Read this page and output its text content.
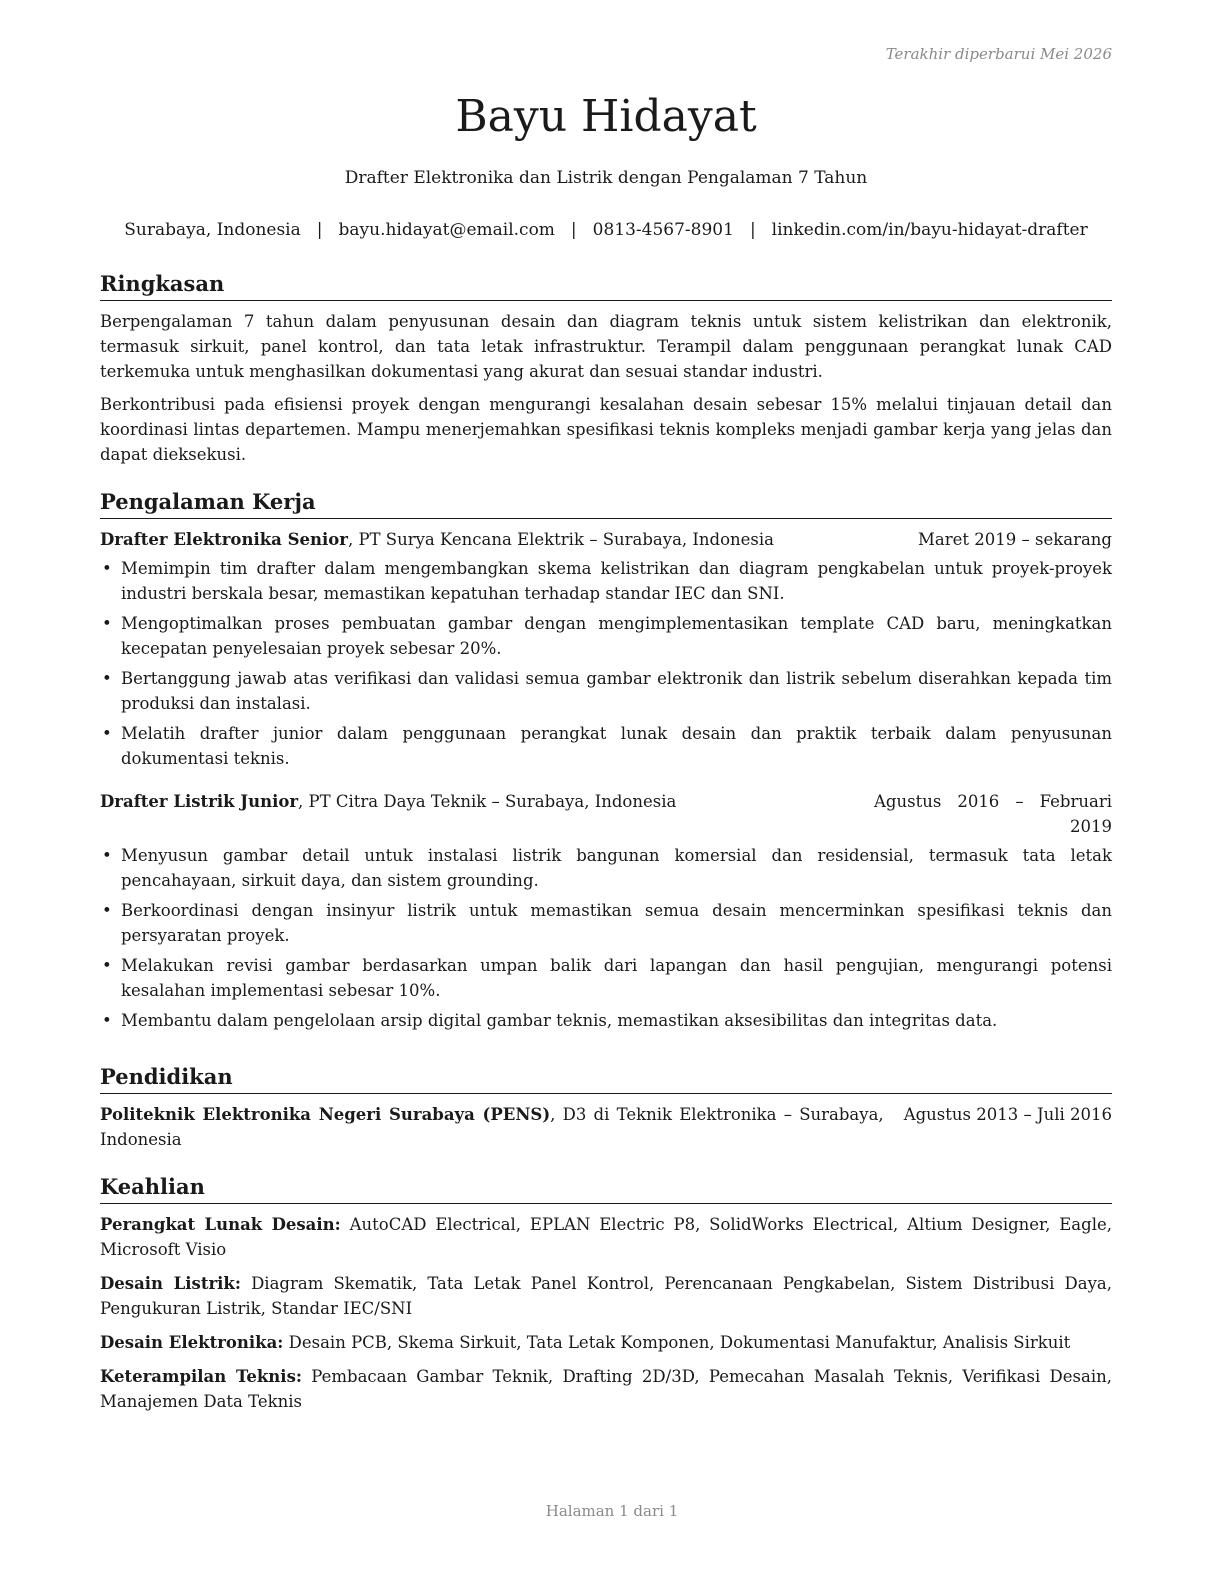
Terakhir diperbarui Mei 2026
Bayu Hidayat
Drafter Elektronika dan Listrik dengan Pengalaman 7 Tahun
Surabaya, Indonesia | bayu.hidayat@email.com | 0813-4567-8901 | linkedin.com/in/bayu-hidayat-drafter
Ringkasan

Berpengalaman 7 tahun dalam penyusunan desain dan diagram teknis untuk sistem kelistrikan dan elektronik, termasuk sirkuit, panel kontrol, dan tata letak infrastruktur. Terampil dalam penggunaan perangkat lunak CAD terkemuka untuk menghasilkan dokumentasi yang akurat dan sesuai standar industri.

Berkontribusi pada efisiensi proyek dengan mengurangi kesalahan desain sebesar 15% melalui tinjauan detail dan koordinasi lintas departemen. Mampu menerjemahkan spesifikasi teknis kompleks menjadi gambar kerja yang jelas dan dapat dieksekusi.

Pengalaman Kerja
Drafter Elektronika Senior, PT Surya Kencana Elektrik – Surabaya, Indonesia	Maret 2019 – sekarang
• Memimpin tim drafter dalam mengembangkan skema kelistrikan dan diagram pengkabelan untuk proyek-proyek industri berskala besar, memastikan kepatuhan terhadap standar IEC dan SNI.
• Mengoptimalkan proses pembuatan gambar dengan mengimplementasikan template CAD baru, meningkatkan kecepatan penyelesaian proyek sebesar 20%.
• Bertanggung jawab atas verifikasi dan validasi semua gambar elektronik dan listrik sebelum diserahkan kepada tim produksi dan instalasi.
• Melatih drafter junior dalam penggunaan perangkat lunak desain dan praktik terbaik dalam penyusunan dokumentasi teknis.
Drafter Listrik Junior, PT Citra Daya Teknik – Surabaya, Indonesia	Agustus 2016 – Februari 2019
• Menyusun gambar detail untuk instalasi listrik bangunan komersial dan residensial, termasuk tata letak pencahayaan, sirkuit daya, dan sistem grounding.
• Berkoordinasi dengan insinyur listrik untuk memastikan semua desain mencerminkan spesifikasi teknis dan persyaratan proyek.
• Melakukan revisi gambar berdasarkan umpan balik dari lapangan dan hasil pengujian, mengurangi potensi kesalahan implementasi sebesar 10%.
• Membantu dalam pengelolaan arsip digital gambar teknis, memastikan aksesibilitas dan integritas data.
Pendidikan
Politeknik Elektronika Negeri Surabaya (PENS), D3 di Teknik Elektronika – Surabaya, Indonesia
Agustus 2013 – Juli 2016
Keahlian
Perangkat Lunak Desain: AutoCAD Electrical, EPLAN Electric P8, SolidWorks Electrical, Altium Designer, Eagle, Microsoft Visio
Desain Listrik: Diagram Skematik, Tata Letak Panel Kontrol, Perencanaan Pengkabelan, Sistem Distribusi Daya, Pengukuran Listrik, Standar IEC/SNI
Desain Elektronika: Desain PCB, Skema Sirkuit, Tata Letak Komponen, Dokumentasi Manufaktur, Analisis Sirkuit
Keterampilan Teknis: Pembacaan Gambar Teknik, Drafting 2D/3D, Pemecahan Masalah Teknis, Verifikasi Desain, Manajemen Data Teknis
Halaman 1 dari 1
